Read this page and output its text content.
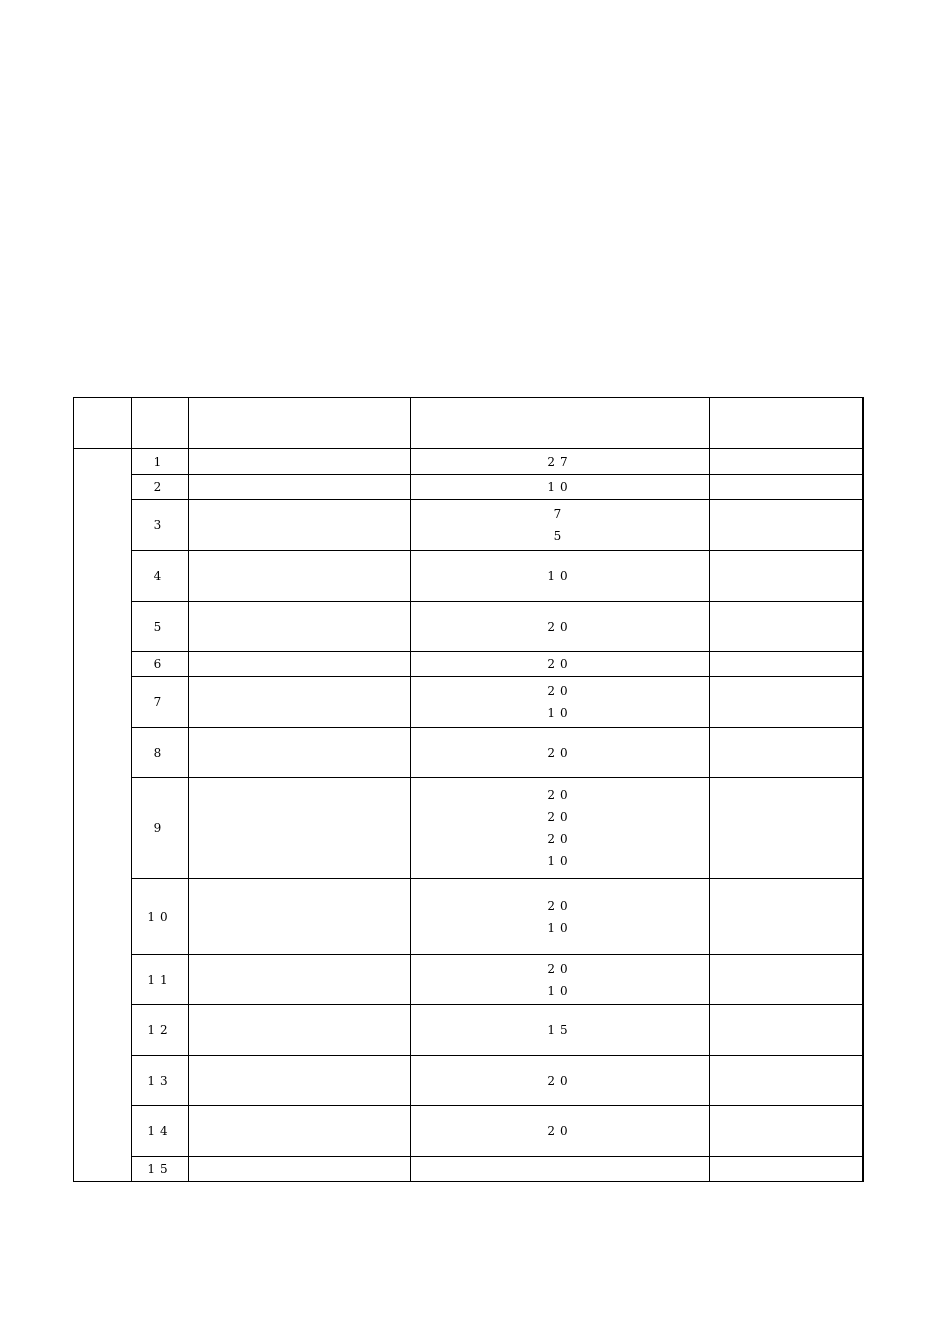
	1		27	

	2		10	

	3		7
5	

	4		10	

	5		20	

	6		20	

	7		20
10	

	8		20	

	9		20
20
20
10	

	10		20
10	

	11		20
10	

	12		15	

	13		20	

	14		20	

	15	
